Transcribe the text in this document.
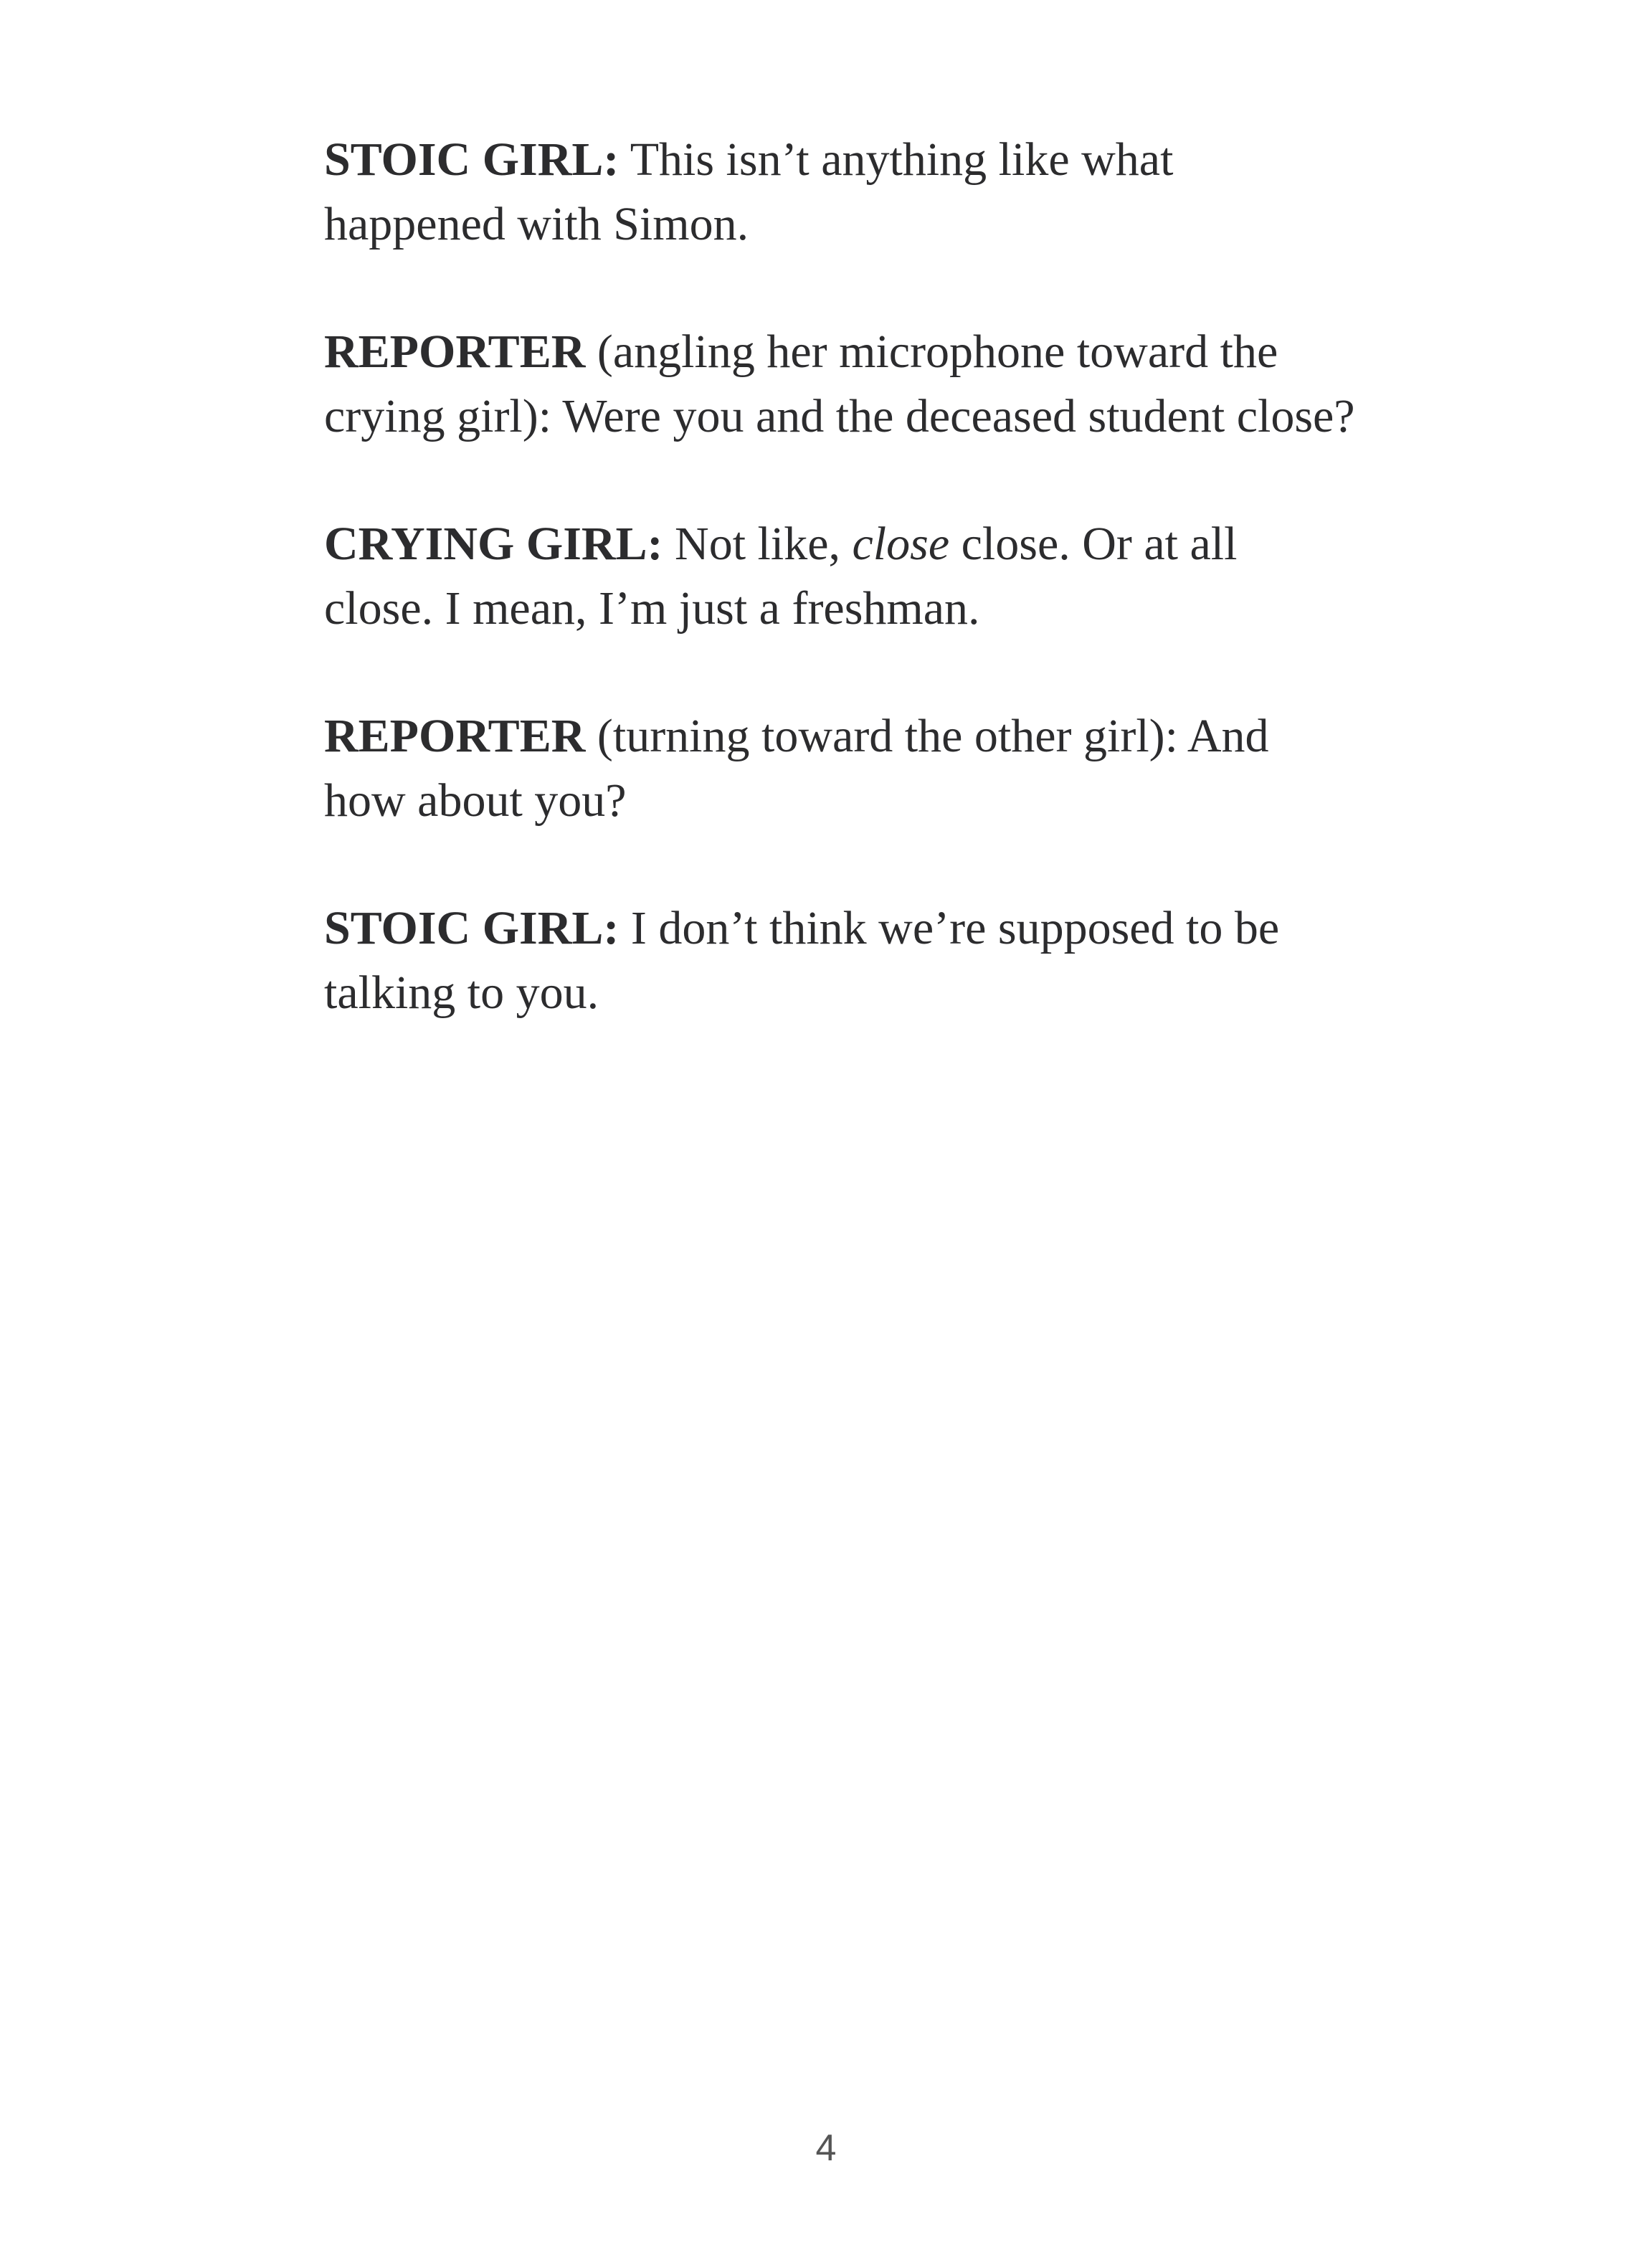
STOIC GIRL: This isn’t anything like what happened with Simon.

REPORTER (angling her microphone toward the crying girl): Were you and the deceased student close?

CRYING GIRL: Not like, close close. Or at all close. I mean, I’m just a freshman.

REPORTER (turning toward the other girl): And how about you?

STOIC GIRL: I don’t think we’re supposed to be talking to you.

4
